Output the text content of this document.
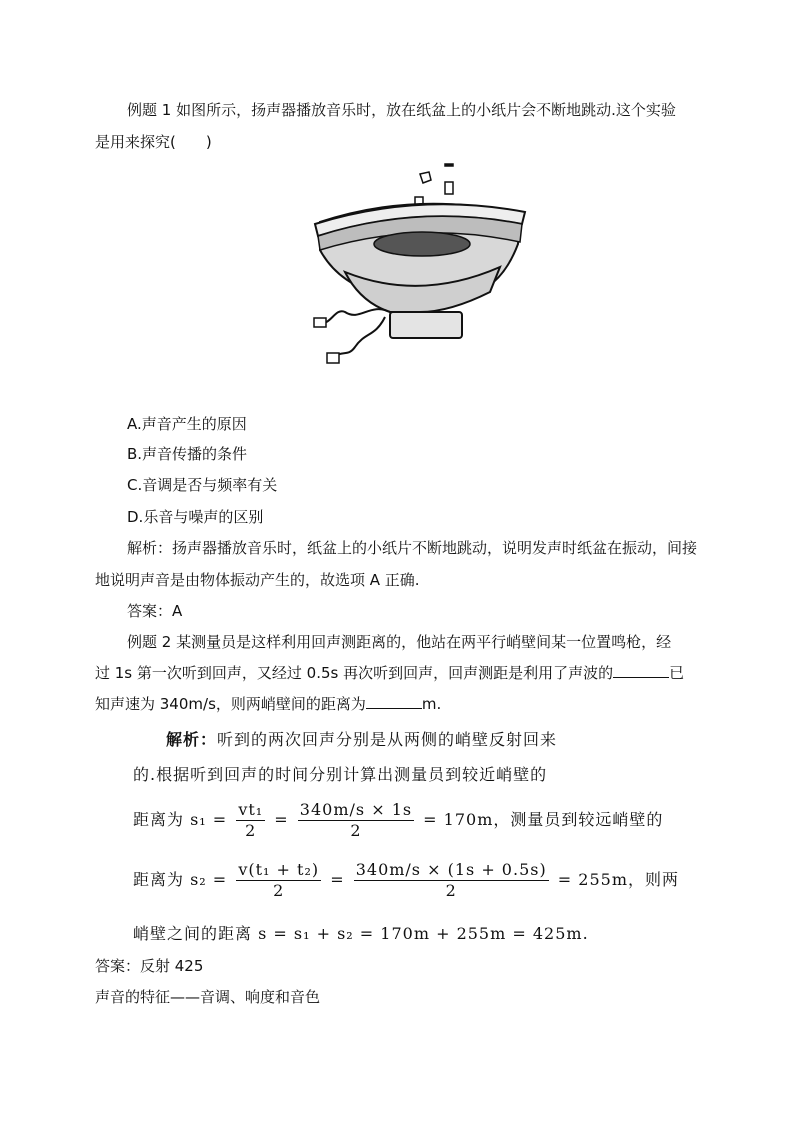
例题 1 如图所示，扬声器播放音乐时，放在纸盆上的小纸片会不断地跳动.这个实验
是用来探究(　　)
A.声音产生的原因
B.声音传播的条件
C.音调是否与频率有关
D.乐音与噪声的区别
解析：扬声器播放音乐时，纸盆上的小纸片不断地跳动，说明发声时纸盆在振动，间接
地说明声音是由物体振动产生的，故选项 A 正确.
答案：A
例题 2 某测量员是这样利用回声测距离的，他站在两平行峭壁间某一位置鸣枪，经
过 1s 第一次听到回声，又经过 0.5s 再次听到回声，回声测距是利用了声波的	已
知声速为 340m/s，则两峭壁间的距离为	m.
解析：听到的两次回声分别是从两侧的峭壁反射回来
的.根据听到回声的时间分别计算出测量员到较近峭壁的
距离为 $s_1 = \frac{\text{vt₁}}{2} = \frac{340m/s \times 1s}{2} = 170m$，测量员到较远峭壁的
距离为 $s_2 = \frac{\text{v(t₁ + t₂)}}{2} = \frac{340m/s \times (1s + 0.5s)}{2} = 255m$，则两
峭壁之间的距离 s = s₁ + s₂ = 170m + 255m = 425m.
答案：反射 425
声音的特征——音调、响度和音色
